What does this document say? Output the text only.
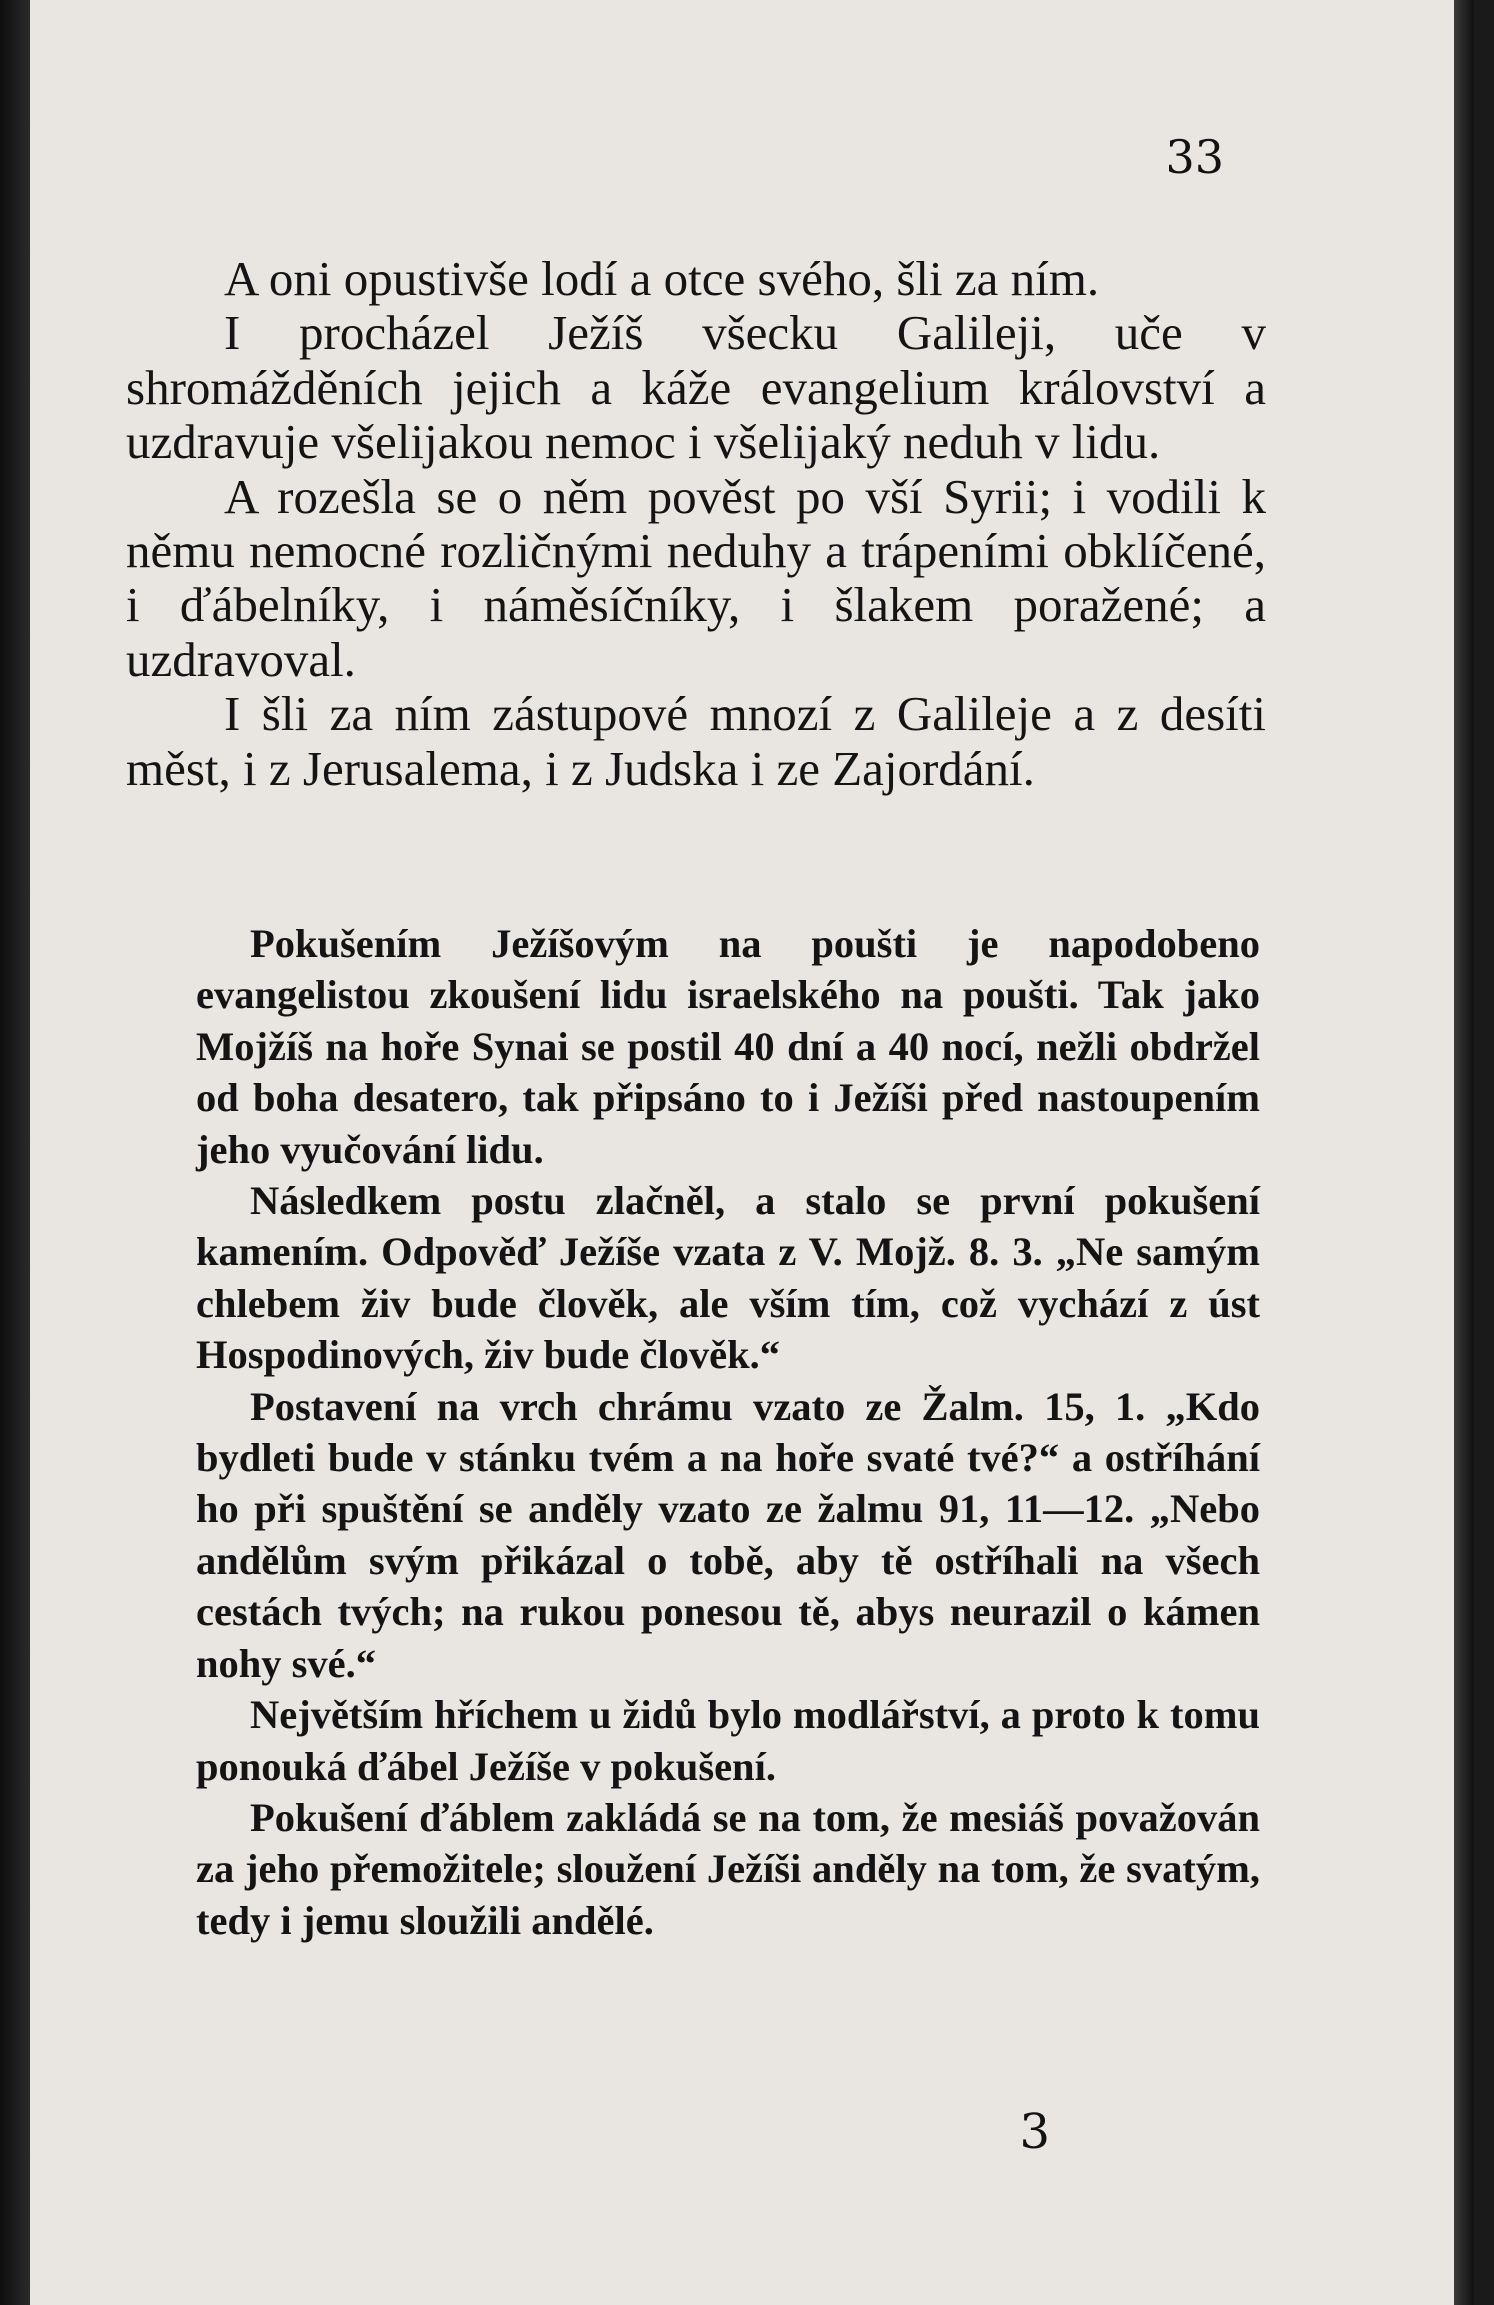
33

A oni opustivše lodí a otce svého, šli za ním.

I procházel Ježíš všecku Galileji, uče v shromážděních jejich a káže evangelium království a uzdravuje všelijakou nemoc i všelijaký neduh v lidu.

A rozešla se o něm pověst po vší Syrii; i vodili k němu nemocné rozličnými neduhy a trápeními obklíčené, i ďábelníky, i náměsíčníky, i šlakem poražené; a uzdravoval.

I šli za ním zástupové mnozí z Galileje a z desíti měst, i z Jerusalema, i z Judska i ze Zajordání.

Pokušením Ježíšovým na poušti je napodobeno evangelistou zkoušení lidu israelského na poušti. Tak jako Mojžíš na hoře Synai se postil 40 dní a 40 nocí, nežli obdržel od boha desatero, tak připsáno to i Ježíši před nastoupením jeho vyučování lidu.

Následkem postu zlačněl, a stalo se první pokušení kamením. Odpověď Ježíše vzata z V. Mojž. 8. 3. „Ne samým chlebem živ bude člověk, ale vším tím, což vychází z úst Hospodinových, živ bude člověk.“

Postavení na vrch chrámu vzato ze Žalm. 15, 1. „Kdo bydleti bude v stánku tvém a na hoře svaté tvé?“ a ostříhání ho při spuštění se anděly vzato ze žalmu 91, 11—12. „Nebo andělům svým přikázal o tobě, aby tě ostříhali na všech cestách tvých; na rukou ponesou tě, abys neurazil o kámen nohy své.“

Největším hříchem u židů bylo modlářství, a proto k tomu ponouká ďábel Ježíše v pokušení.

Pokušení ďáblem zakládá se na tom, že mesiáš považován za jeho přemožitele; sloužení Ježíši anděly na tom, že svatým, tedy i jemu sloužili andělé.

3
